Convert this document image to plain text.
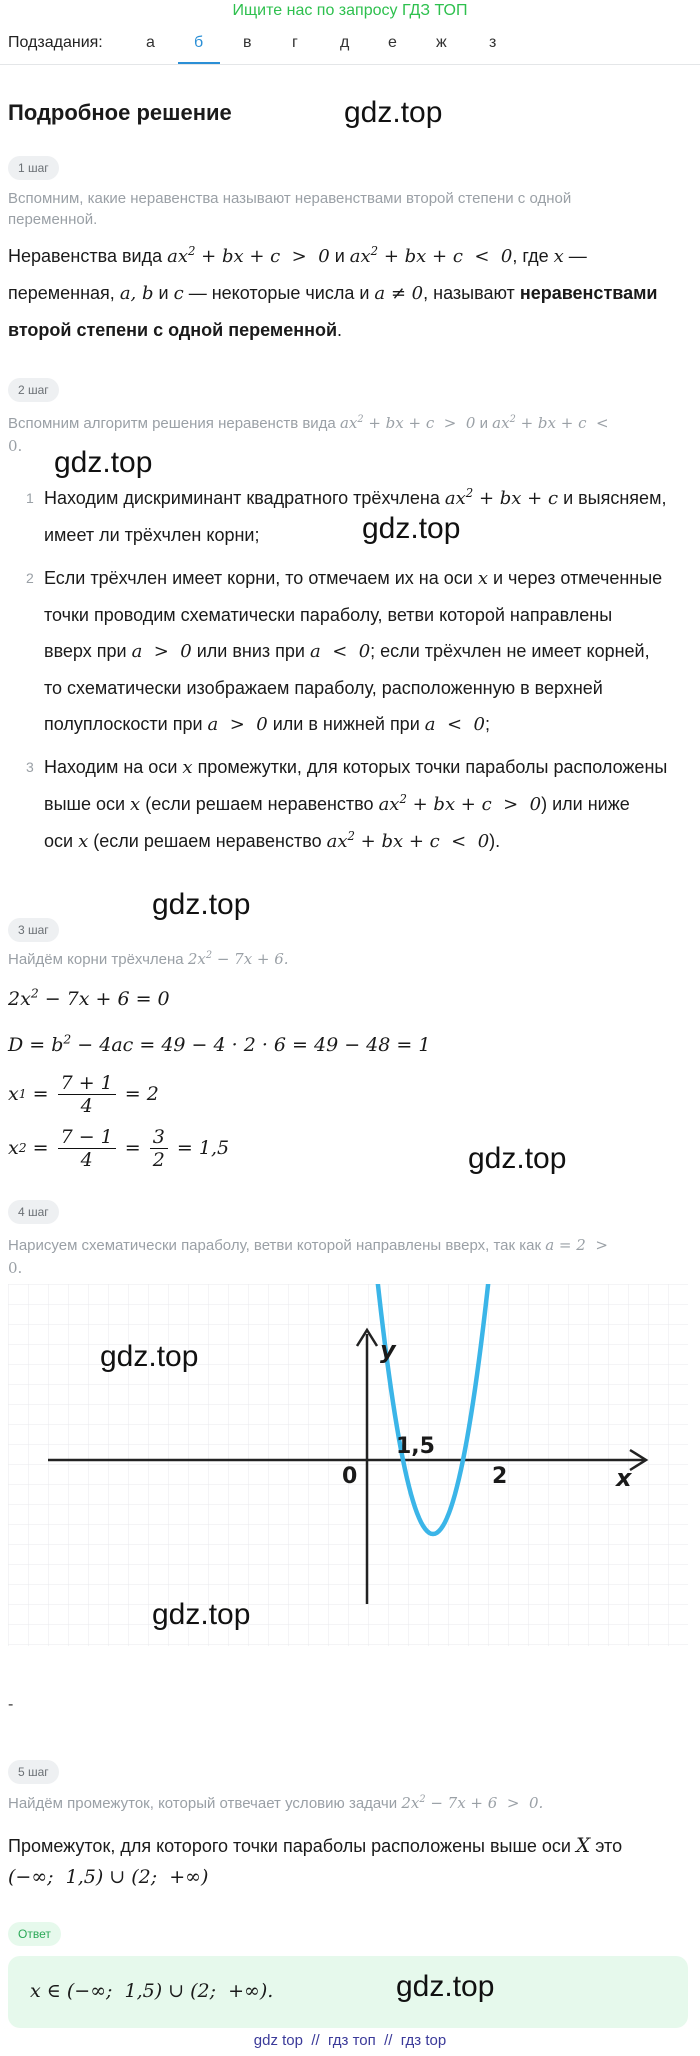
Ищите нас по запросу ГДЗ ТОП
Подзадания:	а б в	г	д е ж	з
Подробное решение	gdz.top
1 шаг
Вспомним, какие неравенства называют неравенствами второй степени с одной переменной.
Неравенства вида $ax^2$ + bx + c  >  0 и $ax^2$ + bx + c  <  0, где x —
переменная, a, b и c — некоторые числа и a ≠ 0, называют неравенствами
второй степени с одной переменной.
2 шаг
Вспомним алгоритм решения неравенств вида $ax^2$ + bx + c  >  0 и $ax^2$ + bx + c  <
0.	gdz.top
1 Находим дискриминант квадратного трёхчлена $ax^2$ + bx + c и выясняем,
имеет ли трёхчлен корни;	gdz.top
2 Если трёхчлен имеет корни, то отмечаем их на оси x и через отмеченные
точки проводим схематически параболу, ветви которой направлены
вверх при a  >  0 или вниз при a  <  0; если трёхчлен не имеет корней,
то схематически изображаем параболу, расположенную в верхней
полуплоскости при a  >  0 или в нижней при a  <  0;
3 Находим на оси x промежутки, для которых точки параболы расположены
выше оси x (если решаем неравенство $ax^2$ + bx + c  >  0) или ниже
оси x (если решаем неравенство $ax^2$ + bx + c  <  0).
gdz.top
3 шаг
Найдём корни трёхчлена $2x^2 - 7x + 6$.
$2x^2 - 7x + 6 = 0$
$D = b^2 - 4ac = 49 - 4 \cdot 2 \cdot 6 = 49 - 48 = 1$
x $1 = \frac{7 + 1}{4} = 2$
x $2 = \frac{7 - 1}{4} = \frac{3}{2} = 1,5$	gdz.top
4 шаг
Нарисуем схематически параболу, ветви которой направлены вверх, так как a = 2  >
0.
y
x
0
1,5
2
gdz.top
gdz.top
-
5 шаг
Найдём промежуток, который отвечает условию задачи $2x^2 - 7x + 6 > 0$.
Промежуток, для которого точки параболы расположены выше оси X это
(−∞;  1,5) ∪ (2;  +∞)
Ответ
x ∈ (−∞;  1,5) ∪ (2;  +∞).	gdz.top
gdz top  //  гдз топ  //  гдз top
